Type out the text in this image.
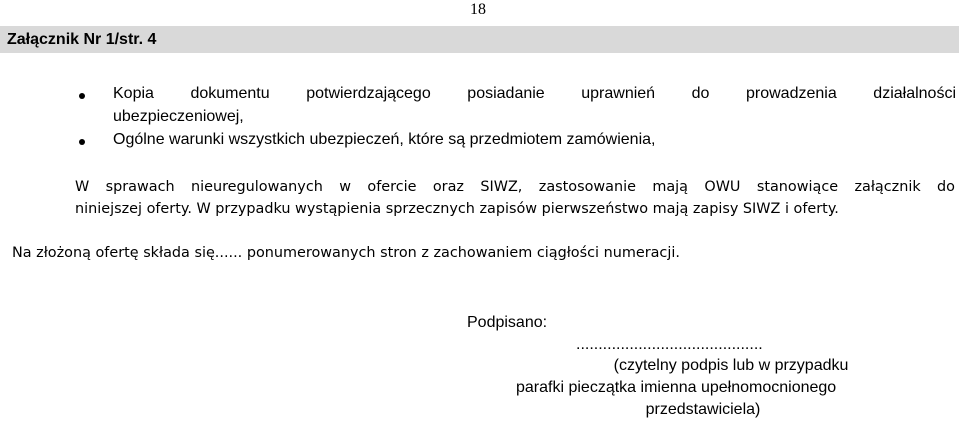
18
Załącznik Nr 1/str. 4
Kopia dokumentu potwierdzającego posiadanie uprawnień do prowadzenia działalności
ubezpieczeniowej,
Ogólne warunki wszystkich ubezpieczeń, które są przedmiotem zamówienia,
W sprawach nieuregulowanych w ofercie oraz SIWZ, zastosowanie mają OWU stanowiące załącznik do
niniejszej oferty. W przypadku wystąpienia sprzecznych zapisów pierwszeństwo mają zapisy SIWZ i oferty.
Na złożoną ofertę składa się...... ponumerowanych stron z zachowaniem ciągłości numeracji.
Podpisano:
..........................................
(czytelny podpis lub w przypadku
parafki pieczątka imienna upełnomocnionego
przedstawiciela)
